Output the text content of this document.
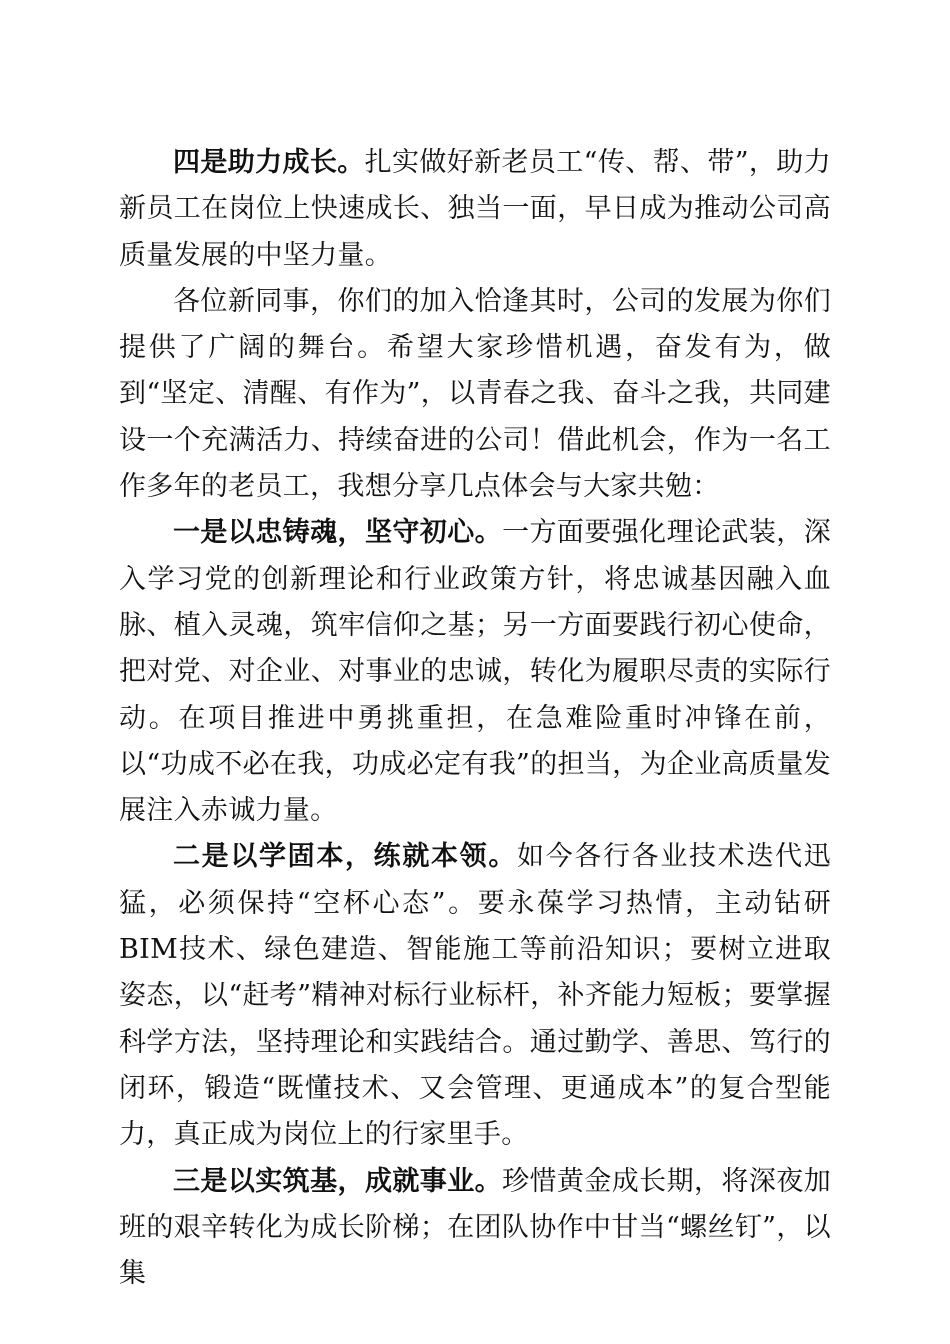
四是助力成长。扎实做好新老员工“传、帮、带”，助力新员工在岗位上快速成长、独当一面，早日成为推动公司高质量发展的中坚力量。

各位新同事，你们的加入恰逢其时，公司的发展为你们提供了广阔的舞台。希望大家珍惜机遇，奋发有为，做到“坚定、清醒、有作为”，以青春之我、奋斗之我，共同建设一个充满活力、持续奋进的公司！借此机会，作为一名工作多年的老员工，我想分享几点体会与大家共勉：

一是以忠铸魂，坚守初心。一方面要强化理论武装，深入学习党的创新理论和行业政策方针，将忠诚基因融入血脉、植入灵魂，筑牢信仰之基；另一方面要践行初心使命，把对党、对企业、对事业的忠诚，转化为履职尽责的实际行动。在项目推进中勇挑重担，在急难险重时冲锋在前，以“功成不必在我，功成必定有我”的担当，为企业高质量发展注入赤诚力量。

二是以学固本，练就本领。如今各行各业技术迭代迅猛，必须保持“空杯心态”。要永葆学习热情，主动钻研BIM技术、绿色建造、智能施工等前沿知识；要树立进取姿态，以“赶考”精神对标行业标杆，补齐能力短板；要掌握科学方法，坚持理论和实践结合。通过勤学、善思、笃行的闭环，锻造“既懂技术、又会管理、更通成本”的复合型能力，真正成为岗位上的行家里手。

三是以实筑基，成就事业。珍惜黄金成长期，将深夜加班的艰辛转化为成长阶梯；在团队协作中甘当“螺丝钉”，以集
